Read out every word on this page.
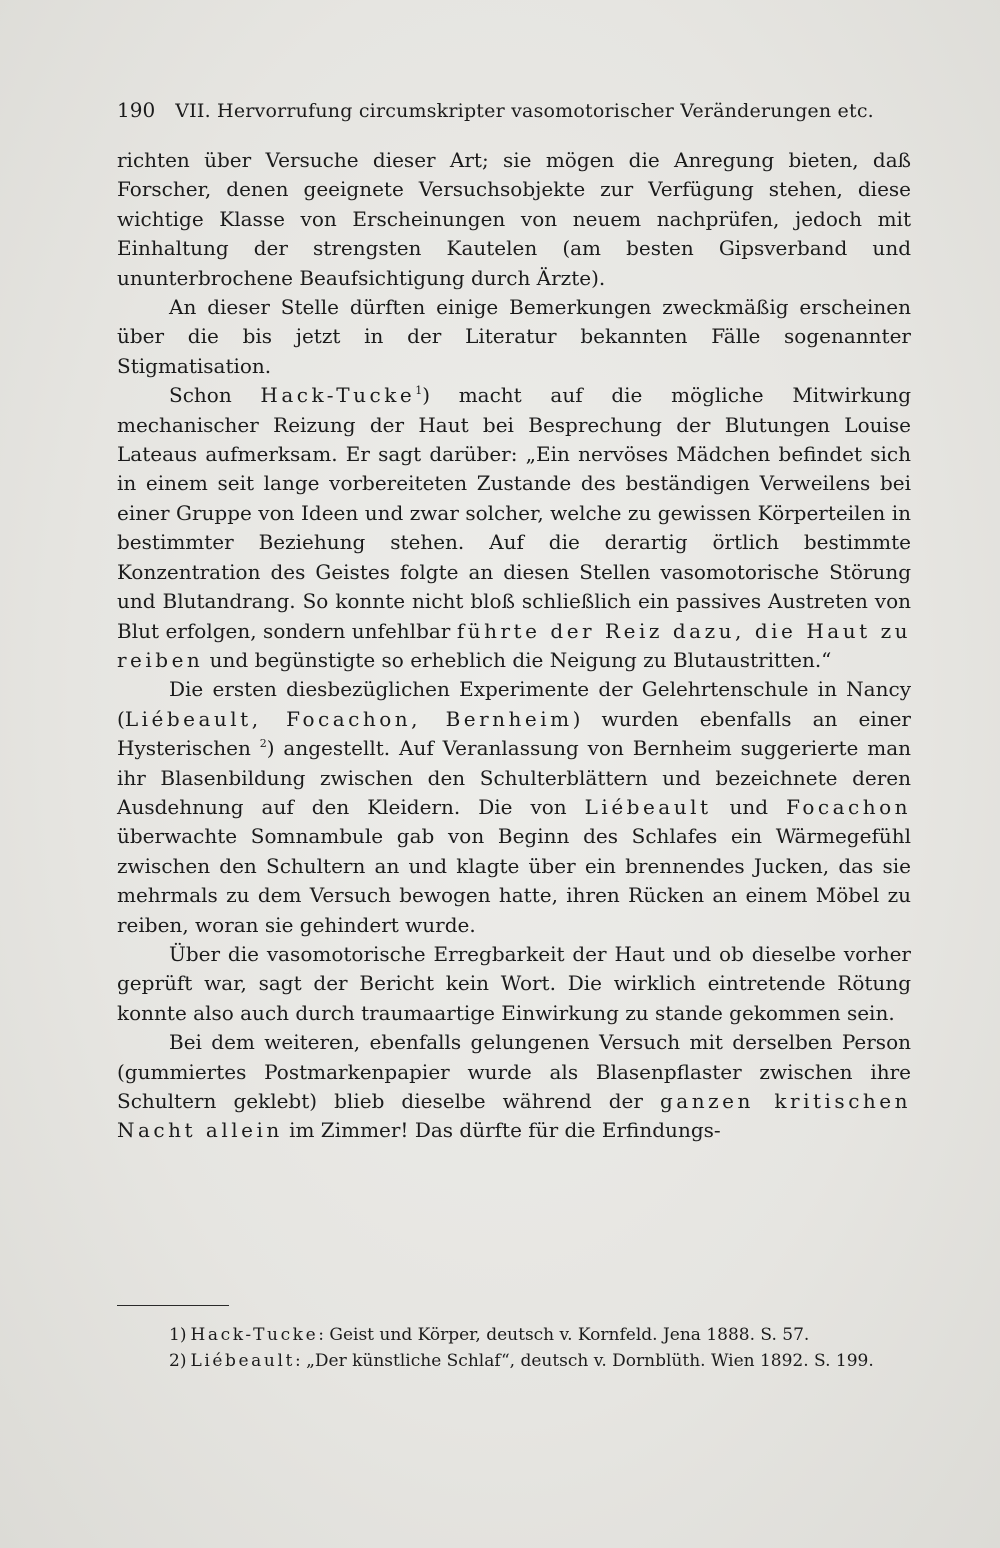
190 VII. Hervorrufung circumskripter vasomotorischer Veränderungen etc.

richten über Versuche dieser Art; sie mögen die Anregung bieten, daß Forscher, denen geeignete Versuchsobjekte zur Verfügung stehen, diese wichtige Klasse von Erscheinungen von neuem nachprüfen, jedoch mit Einhaltung der strengsten Kautelen (am besten Gipsverband und ununterbrochene Beaufsichtigung durch Ärzte).

An dieser Stelle dürften einige Bemerkungen zweckmäßig erscheinen über die bis jetzt in der Literatur bekannten Fälle sogenannter Stigmatisation.

Schon Hack-Tucke$^1$) macht auf die mögliche Mitwirkung mechanischer Reizung der Haut bei Besprechung der Blutungen Louise Lateaus aufmerksam. Er sagt darüber: „Ein nervöses Mädchen befindet sich in einem seit lange vorbereiteten Zustande des beständigen Verweilens bei einer Gruppe von Ideen und zwar solcher, welche zu gewissen Körperteilen in bestimmter Beziehung stehen. Auf die derartig örtlich bestimmte Konzentration des Geistes folgte an diesen Stellen vasomotorische Störung und Blutandrang. So konnte nicht bloß schließlich ein passives Austreten von Blut erfolgen, sondern unfehlbar führte der Reiz dazu, die Haut zu reiben und begünstigte so erheblich die Neigung zu Blutaustritten.“

Die ersten diesbezüglichen Experimente der Gelehrtenschule in Nancy (Liébeault, Focachon, Bernheim) wurden ebenfalls an einer Hysterischen $^2$) angestellt. Auf Veranlassung von Bernheim suggerierte man ihr Blasenbildung zwischen den Schulterblättern und bezeichnete deren Ausdehnung auf den Kleidern. Die von Liébeault und Focachon überwachte Somnambule gab von Beginn des Schlafes ein Wärmegefühl zwischen den Schultern an und klagte über ein brennendes Jucken, das sie mehrmals zu dem Versuch bewogen hatte, ihren Rücken an einem Möbel zu reiben, woran sie gehindert wurde.

Über die vasomotorische Erregbarkeit der Haut und ob dieselbe vorher geprüft war, sagt der Bericht kein Wort. Die wirklich eintretende Rötung konnte also auch durch traumaartige Einwirkung zu stande gekommen sein.

Bei dem weiteren, ebenfalls gelungenen Versuch mit derselben Person (gummiertes Postmarkenpapier wurde als Blasenpflaster zwischen ihre Schultern geklebt) blieb dieselbe während der ganzen kritischen Nacht allein im Zimmer! Das dürfte für die Erfindungs-

1) Hack-Tucke: Geist und Körper, deutsch v. Kornfeld. Jena 1888. S. 57.

2) Liébeault: „Der künstliche Schlaf“, deutsch v. Dornblüth. Wien 1892. S. 199.
